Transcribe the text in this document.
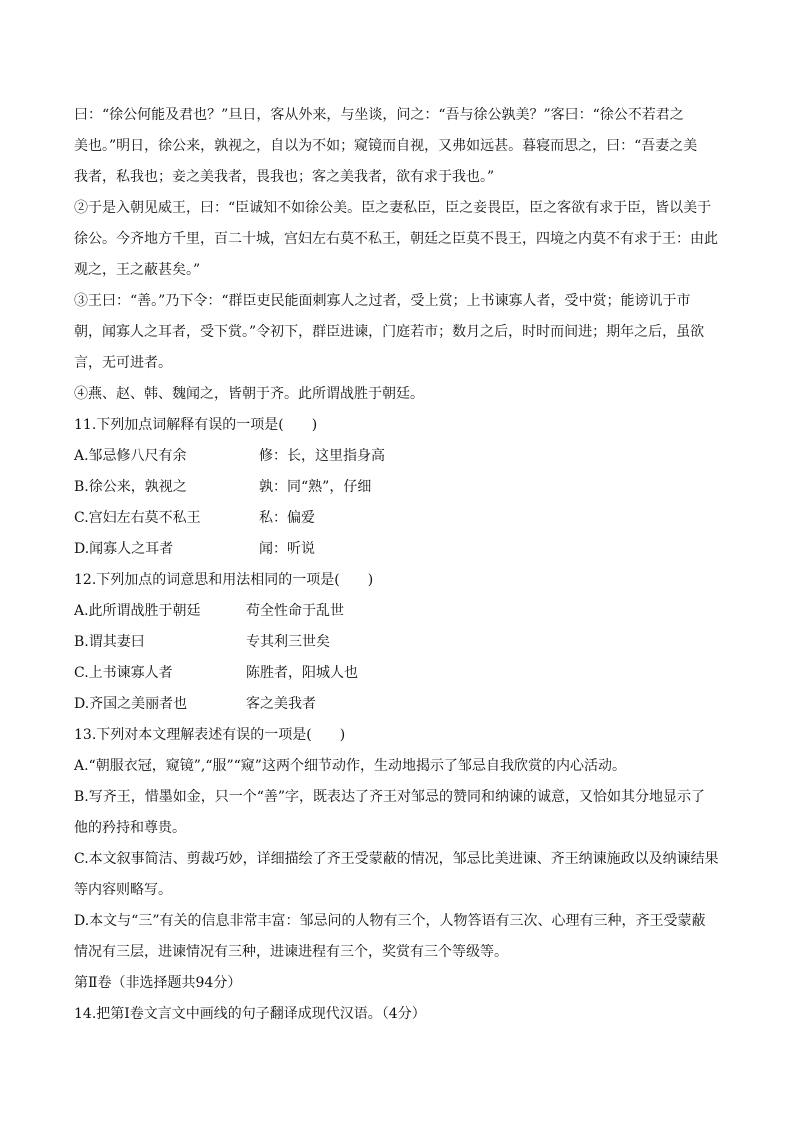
曰：“徐公何能及君也？”旦日，客从外来，与坐谈，问之：“吾与徐公孰美？”客曰：“徐公不若君之
美也。”明日，徐公来，孰视之，自以为不如；窥镜而自视，又弗如远甚。暮寝而思之，曰：“吾妻之美
我者，私我也；妾之美我者，畏我也；客之美我者，欲有求于我也。”
②于是入朝见威王，曰：“臣诚知不如徐公美。臣之妻私臣，臣之妾畏臣，臣之客欲有求于臣，皆以美于
徐公。今齐地方千里，百二十城，宫妇左右莫不私王，朝廷之臣莫不畏王，四境之内莫不有求于王：由此
观之，王之蔽甚矣。”
③王曰：“善。”乃下令：“群臣吏民能面刺寡人之过者，受上赏；上书谏寡人者，受中赏；能谤讥于市
朝，闻寡人之耳者，受下赏。”令初下，群臣进谏，门庭若市；数月之后，时时而间进；期年之后，虽欲
言，无可进者。
④燕、赵、韩、魏闻之，皆朝于齐。此所谓战胜于朝廷。
11.下列加点词解释有误的一项是(　　)
A.邹忌修八尺有余	修：长，这里指身高
B.徐公来，孰视之	孰：同“熟”，仔细
C.宫妇左右莫不私王	私：偏爱
D.闻寡人之耳者	闻：听说
12.下列加点的词意思和用法相同的一项是(　　)
A.此所谓战胜于朝廷	苟全性命于乱世
B.谓其妻曰	专其利三世矣
C.上书谏寡人者	陈胜者，阳城人也
D.齐国之美丽者也	客之美我者
13.下列对本文理解表述有误的一项是(　　)
A.“朝服衣冠，窥镜”,“服”“窥”这两个细节动作，生动地揭示了邹忌自我欣赏的内心活动。
B.写齐王，惜墨如金，只一个“善”字，既表达了齐王对邹忌的赞同和纳谏的诚意，又恰如其分地显示了
他的矜持和尊贵。
C.本文叙事简洁、剪裁巧妙，详细描绘了齐王受蒙蔽的情况，邹忌比美进谏、齐王纳谏施政以及纳谏结果
等内容则略写。
D.本文与“三”有关的信息非常丰富：邹忌问的人物有三个，人物答语有三次、心理有三种，齐王受蒙蔽
情况有三层，进谏情况有三种，进谏进程有三个，奖赏有三个等级等。
第Ⅱ卷（非选择题共94分）
14.把第Ⅰ卷文言文中画线的句子翻译成现代汉语。（4分）
